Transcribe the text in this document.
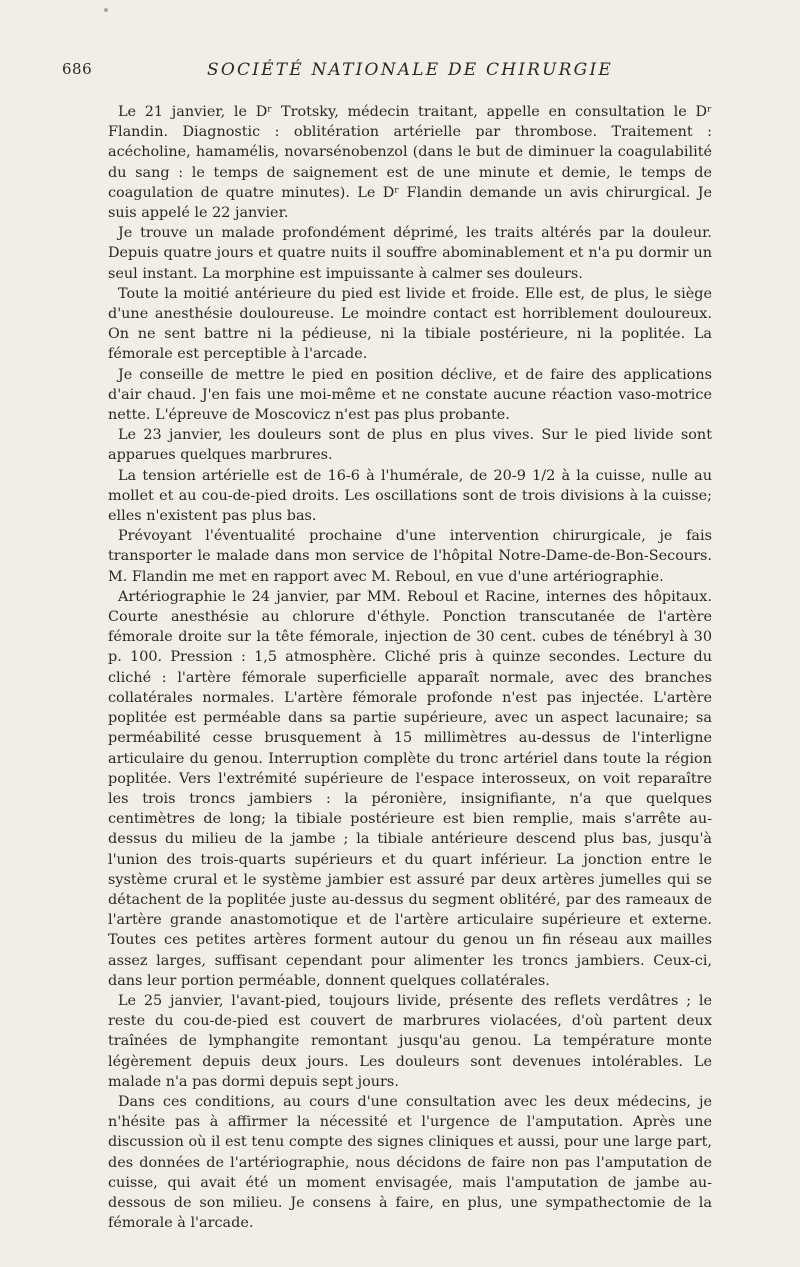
686	SOCIÉTÉ NATIONALE DE CHIRURGIE

Le 21 janvier, le Dʳ Trotsky, médecin traitant, appelle en consultation le Dʳ Flandin. Diagnostic : oblitération artérielle par thrombose. Traitement : acécholine, hamamélis, novarsénobenzol (dans le but de diminuer la coagulabilité du sang : le temps de saignement est de une minute et demie, le temps de coagulation de quatre minutes). Le Dʳ Flandin demande un avis chirurgical. Je suis appelé le 22 janvier.

Je trouve un malade profondément déprimé, les traits altérés par la douleur. Depuis quatre jours et quatre nuits il souffre abominablement et n'a pu dormir un seul instant. La morphine est impuissante à calmer ses douleurs.

Toute la moitié antérieure du pied est livide et froide. Elle est, de plus, le siège d'une anesthésie douloureuse. Le moindre contact est horriblement douloureux. On ne sent battre ni la pédieuse, ni la tibiale postérieure, ni la poplitée. La fémorale est perceptible à l'arcade.

Je conseille de mettre le pied en position déclive, et de faire des applications d'air chaud. J'en fais une moi-même et ne constate aucune réaction vaso-motrice nette. L'épreuve de Moscovicz n'est pas plus probante.

Le 23 janvier, les douleurs sont de plus en plus vives. Sur le pied livide sont apparues quelques marbrures.

La tension artérielle est de 16-6 à l'humérale, de 20-9 1/2 à la cuisse, nulle au mollet et au cou-de-pied droits. Les oscillations sont de trois divisions à la cuisse; elles n'existent pas plus bas.

Prévoyant l'éventualité prochaine d'une intervention chirurgicale, je fais transporter le malade dans mon service de l'hôpital Notre-Dame-de-Bon-Secours. M. Flandin me met en rapport avec M. Reboul, en vue d'une artériographie.

Artériographie le 24 janvier, par MM. Reboul et Racine, internes des hôpitaux. Courte anesthésie au chlorure d'éthyle. Ponction transcutanée de l'artère fémorale droite sur la tête fémorale, injection de 30 cent. cubes de ténébryl à 30 p. 100. Pression : 1,5 atmosphère. Cliché pris à quinze secondes. Lecture du cliché : l'artère fémorale superficielle apparaît normale, avec des branches collatérales normales. L'artère fémorale profonde n'est pas injectée. L'artère poplitée est perméable dans sa partie supérieure, avec un aspect lacunaire; sa perméabilité cesse brusquement à 15 millimètres au-dessus de l'interligne articulaire du genou. Interruption complète du tronc artériel dans toute la région poplitée. Vers l'extrémité supérieure de l'espace interosseux, on voit reparaître les trois troncs jambiers : la péronière, insignifiante, n'a que quelques centimètres de long; la tibiale postérieure est bien remplie, mais s'arrête au-dessus du milieu de la jambe ; la tibiale antérieure descend plus bas, jusqu'à l'union des trois-quarts supérieurs et du quart inférieur. La jonction entre le système crural et le système jambier est assuré par deux artères jumelles qui se détachent de la poplitée juste au-dessus du segment oblitéré, par des rameaux de l'artère grande anastomotique et de l'artère articulaire supérieure et externe. Toutes ces petites artères forment autour du genou un fin réseau aux mailles assez larges, suffisant cependant pour alimenter les troncs jambiers. Ceux-ci, dans leur portion perméable, donnent quelques collatérales.

Le 25 janvier, l'avant-pied, toujours livide, présente des reflets verdâtres ; le reste du cou-de-pied est couvert de marbrures violacées, d'où partent deux traînées de lymphangite remontant jusqu'au genou. La température monte légèrement depuis deux jours. Les douleurs sont devenues intolérables. Le malade n'a pas dormi depuis sept jours.

Dans ces conditions, au cours d'une consultation avec les deux médecins, je n'hésite pas à affirmer la nécessité et l'urgence de l'amputation. Après une discussion où il est tenu compte des signes cliniques et aussi, pour une large part, des données de l'artériographie, nous décidons de faire non pas l'amputation de cuisse, qui avait été un moment envisagée, mais l'amputation de jambe au-dessous de son milieu. Je consens à faire, en plus, une sympathectomie de la fémorale à l'arcade.
